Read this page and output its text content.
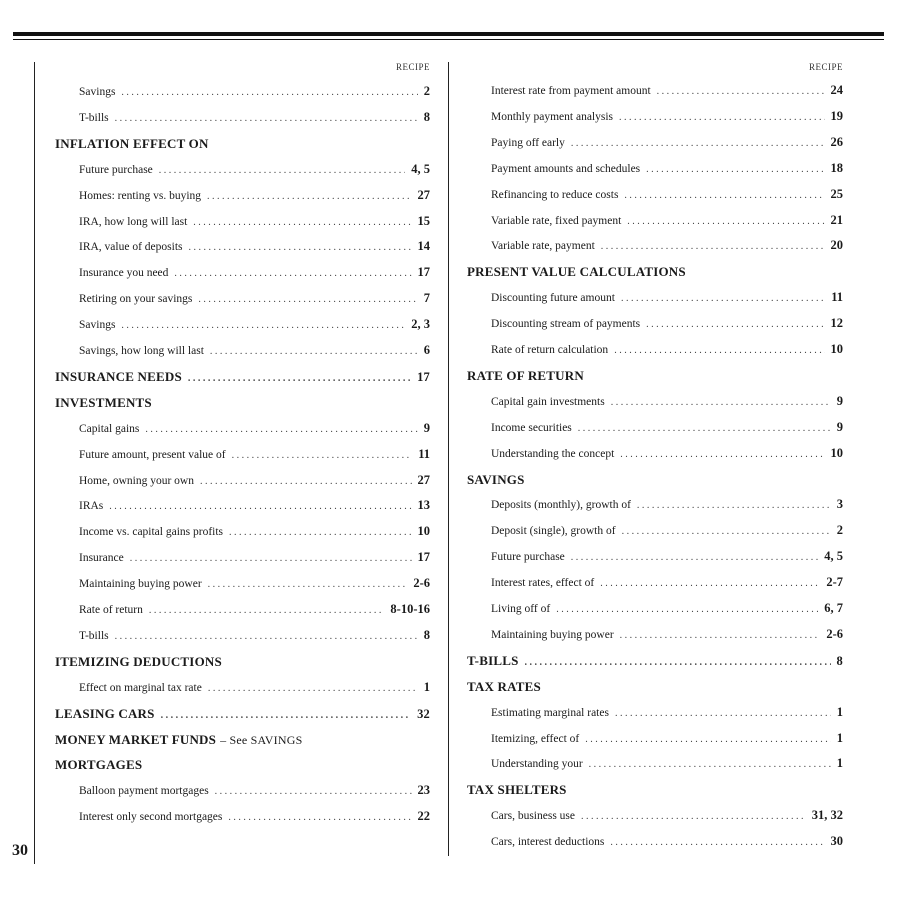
RECIPE
Savings . . .	2
T-bills . . .	8
INFLATION EFFECT ON
Future purchase . . .	4, 5
Homes: renting vs. buying . . .	27
IRA, how long will last . . .	15
IRA, value of deposits . . .	14
Insurance you need . . .	17
Retiring on your savings . . .	7
Savings . . .	2, 3
Savings, how long will last . . .	6
INSURANCE NEEDS . . .	17
INVESTMENTS
Capital gains . . .	9
Future amount, present value of . . .	11
Home, owning your own . . .	27
IRAs . . .	13
Income vs. capital gains profits . . .	10
Insurance . . .	17
Maintaining buying power . . .	2-6
Rate of return . . .	8-10-16
T-bills . . .	8
ITEMIZING DEDUCTIONS
Effect on marginal tax rate . . .	1
LEASING CARS . . .	32
MONEY MARKET FUNDS – See SAVINGS
MORTGAGES
Balloon payment mortgages . . .	23
Interest only second mortgages . . .	22
RECIPE
Interest rate from payment amount . . .	24
Monthly payment analysis . . .	19
Paying off early . . .	26
Payment amounts and schedules . . .	18
Refinancing to reduce costs . . .	25
Variable rate, fixed payment . . .	21
Variable rate, payment . . .	20
PRESENT VALUE CALCULATIONS
Discounting future amount . . .	11
Discounting stream of payments . . .	12
Rate of return calculation . . .	10
RATE OF RETURN
Capital gain investments . . .	9
Income securities . . .	9
Understanding the concept . . .	10
SAVINGS
Deposits (monthly), growth of . . .	3
Deposit (single), growth of . . .	2
Future purchase . . .	4, 5
Interest rates, effect of . . .	2-7
Living off of . . .	6, 7
Maintaining buying power . . .	2-6
T-BILLS . . .	8
TAX RATES
Estimating marginal rates . . .	1
Itemizing, effect of . . .	1
Understanding your . . .	1
TAX SHELTERS
Cars, business use . . .	31, 32
Cars, interest deductions . . .	30
30
